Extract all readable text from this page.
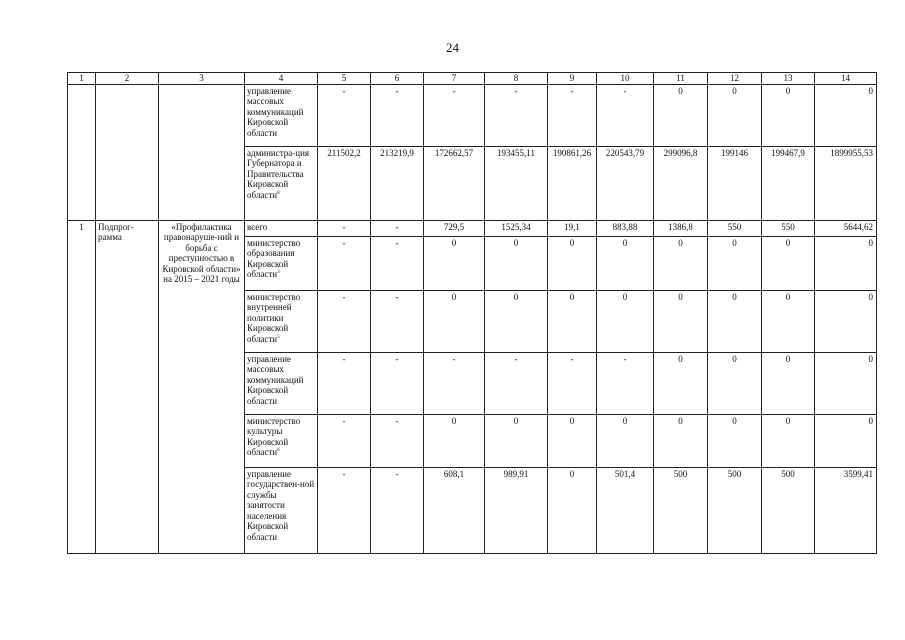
24
1	2	3	4	5	6	7	8	9	10	11	12	13	14
			управление массовых коммуникаций Кировской области	-	-	-	-	-	-	0	0	0	0
			администра-ция Губернатора и Правительства Кировской области$^8$	211502,2	213219,9	172662,57	193455,11	190861,26	220543,79	299096,8	199146	199467,9	1899955,53
1	Подпрог-рамма	«Профилактика правонаруше-ний и борьба с преступностью в Кировской области» на 2015 – 2021 годы	всего	-	-	729,5	1525,34	19,1	883,88	1386,8	550	550	5644,62
			министерство образования Кировской области$^3$	-	-	0	0	0	0	0	0	0	0
			министерство внутренней политики Кировской области$^5$	-	-	0	0	0	0	0	0	0	0
			управление массовых коммуникаций Кировской области	-	-	-	-	-	-	0	0	0	0
			министерство культуры Кировской области$^6$	-	-	0	0	0	0	0	0	0	0
			управление государствен-ной службы занятости населения Кировской области	-	-	608,1	989,91	0	501,4	500	500	500	3599,41
